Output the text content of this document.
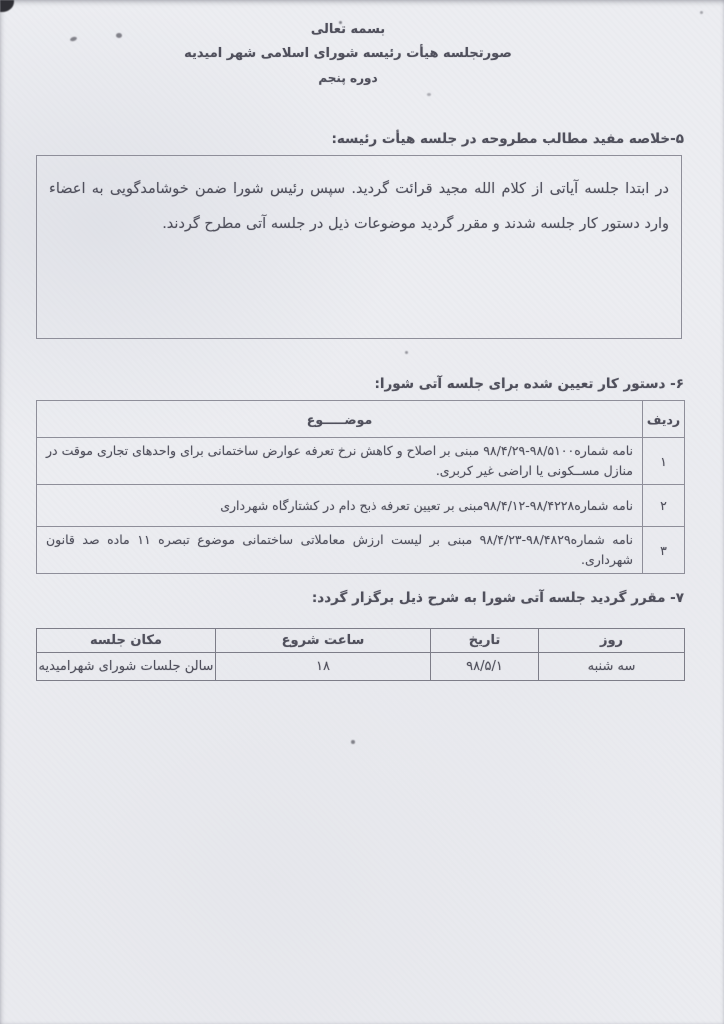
بسمه تعالی
صورتجلسه هیأت رئیسه شورای اسلامی شهر امیدیه
دوره پنجم
۵-خلاصه مفید مطالب مطروحه در جلسه هیأت رئیسه:

در ابتدا جلسه آیاتی از کلام الله مجید قرائت گردید. سپس رئیس شورا ضمن خوشامدگویی به اعضاء وارد دستور کار جلسه شدند و مقرر گردید موضوعات ذیل در جلسه آتی مطرح گردند.

۶- دستور کار تعیین شده برای جلسه آتی شورا:
ردیف	موضـــــوع
۱	نامه شماره۹۸/۵۱۰۰-۹۸/۴/۲۹ مبنی بر اصلاح و کاهش نرخ تعرفه عوارض ساختمانی برای واحدهای تجاری موقت در منازل مســکونی یا اراضی غیر کربری.
۲	نامه شماره۹۸/۴۲۲۸-۹۸/۴/۱۲مبنی بر تعیین تعرفه ذبح دام در کشتارگاه شهرداری
۳	نامه شماره۹۸/۴۸۲۹-۹۸/۴/۲۳ مبنی بر لیست ارزش معاملاتی ساختمانی موضوع تبصره ۱۱ ماده صد قانون شهرداری.
۷- مقرر گردید جلسه آتی شورا به شرح ذیل برگزار گردد:
روز	تاریخ	ساعت شروع	مکان جلسه
سه شنبه	۹۸/۵/۱	۱۸	سالن جلسات شورای شهرامیدیه
